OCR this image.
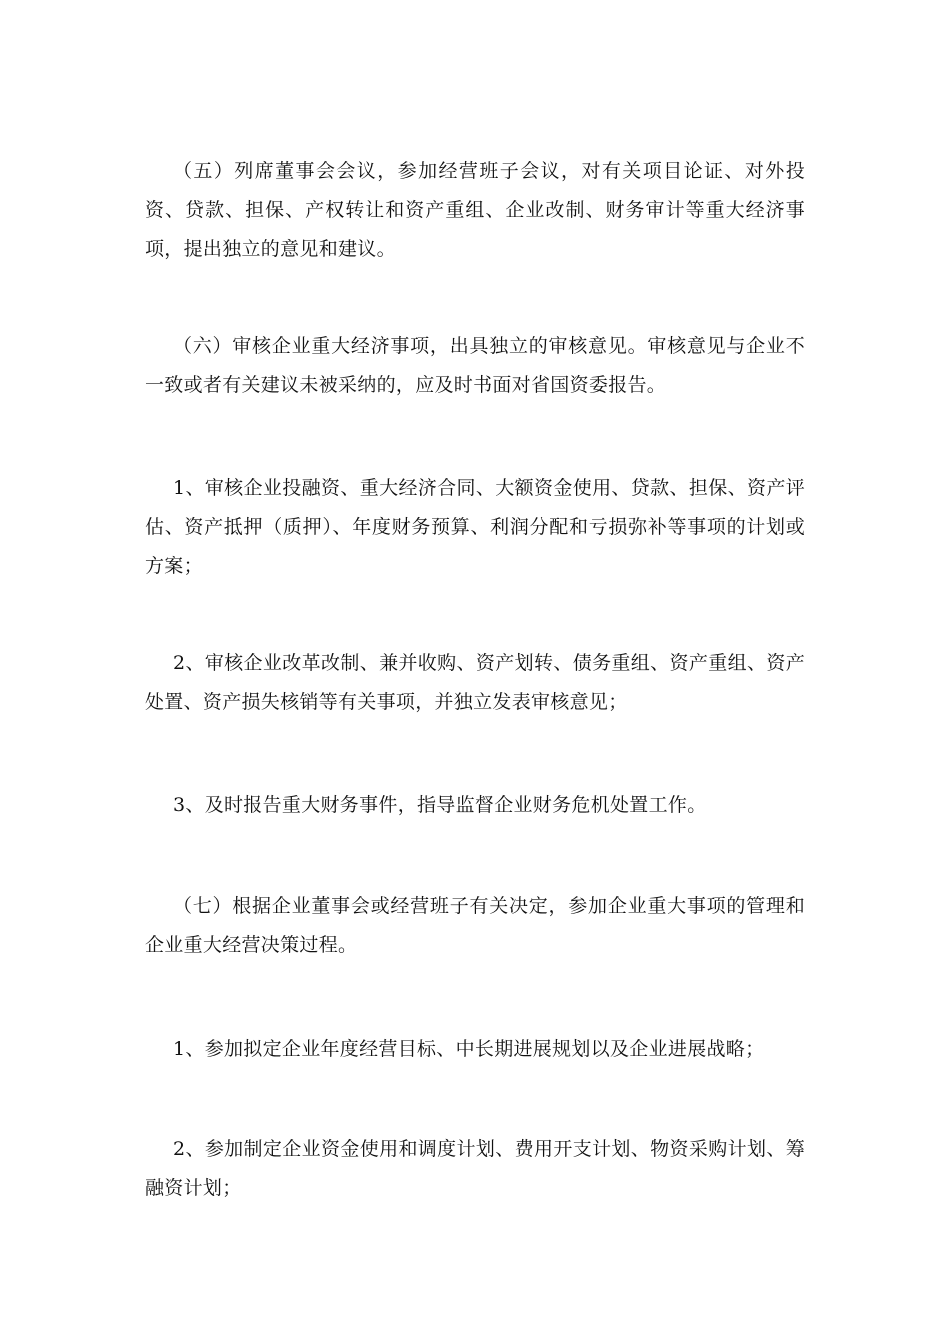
（五）列席董事会会议，参加经营班子会议，对有关项目论证、对外投资、贷款、担保、产权转让和资产重组、企业改制、财务审计等重大经济事项，提出独立的意见和建议。

（六）审核企业重大经济事项，出具独立的审核意见。审核意见与企业不一致或者有关建议未被采纳的，应及时书面对省国资委报告。

1、审核企业投融资、重大经济合同、大额资金使用、贷款、担保、资产评估、资产抵押（质押）、年度财务预算、利润分配和亏损弥补等事项的计划或方案；

2、审核企业改革改制、兼并收购、资产划转、债务重组、资产重组、资产处置、资产损失核销等有关事项，并独立发表审核意见；

3、及时报告重大财务事件，指导监督企业财务危机处置工作。

（七）根据企业董事会或经营班子有关决定，参加企业重大事项的管理和企业重大经营决策过程。

1、参加拟定企业年度经营目标、中长期进展规划以及企业进展战略；

2、参加制定企业资金使用和调度计划、费用开支计划、物资采购计划、筹融资计划；
